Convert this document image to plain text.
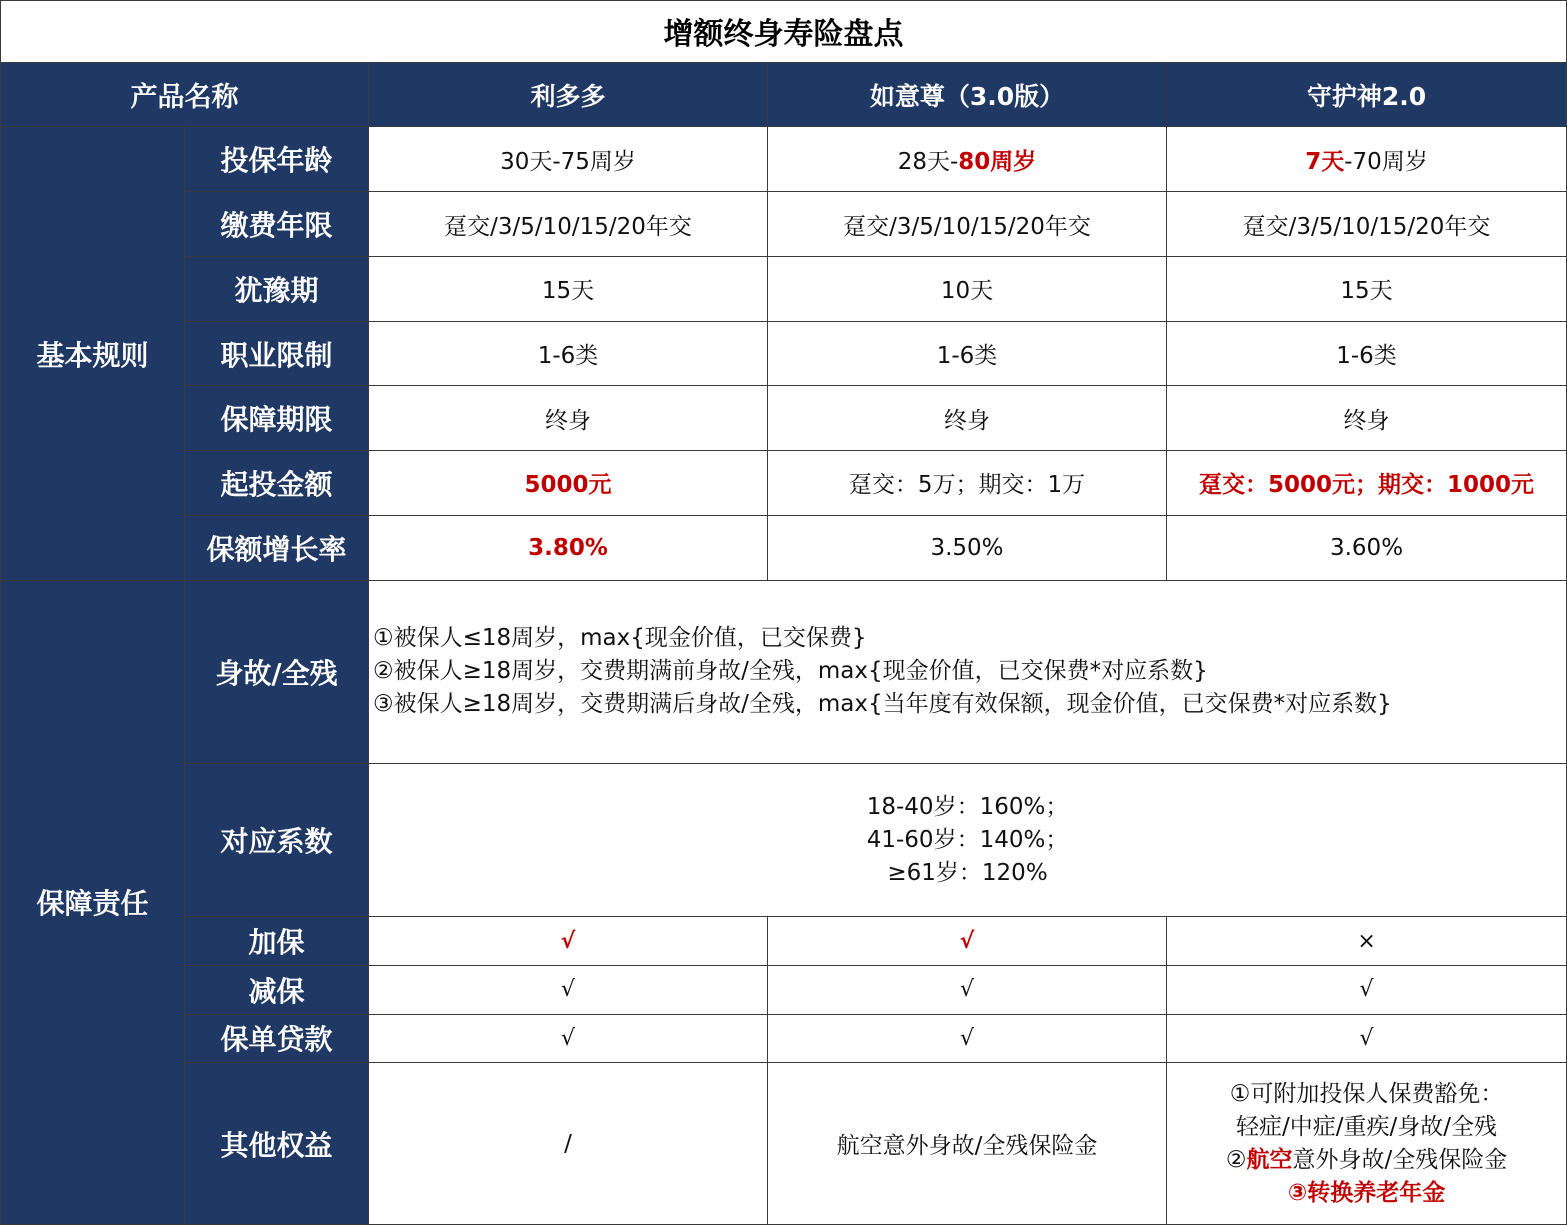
增额终身寿险盘点				
产品名称		利多多	如意尊（3.0版）	守护神2.0
基本规则	投保年龄	30天-75周岁	28天-80周岁	7天-70周岁
	缴费年限	趸交/3/5/10/15/20年交	趸交/3/5/10/15/20年交	趸交/3/5/10/15/20年交
	犹豫期	15天	10天	15天
	职业限制	1-6类	1-6类	1-6类
	保障期限	终身	终身	终身
	起投金额	5000元	趸交：5万；期交：1万	趸交：5000元；期交：1000元
	保额增长率	3.80%	3.50%	3.60%
保障责任	身故/全残	①被保人≤18周岁，max{现金价值，已交保费}
②被保人≥18周岁，交费期满前身故/全残，max{现金价值，已交保费*对应系数}
③被保人≥18周岁，交费期满后身故/全残，max{当年度有效保额，现金价值，已交保费*对应系数}		

	对应系数	18-40岁：160%；
41-60岁：140%；
≥61岁：120%		

	加保	√	√	×
	减保	√	√	√
	保单贷款	√	√	√
	其他权益	/	航空意外身故/全残保险金	①可附加投保人保费豁免：
轻症/中症/重疾/身故/全残
②航空意外身故/全残保险金
③转换养老年金
